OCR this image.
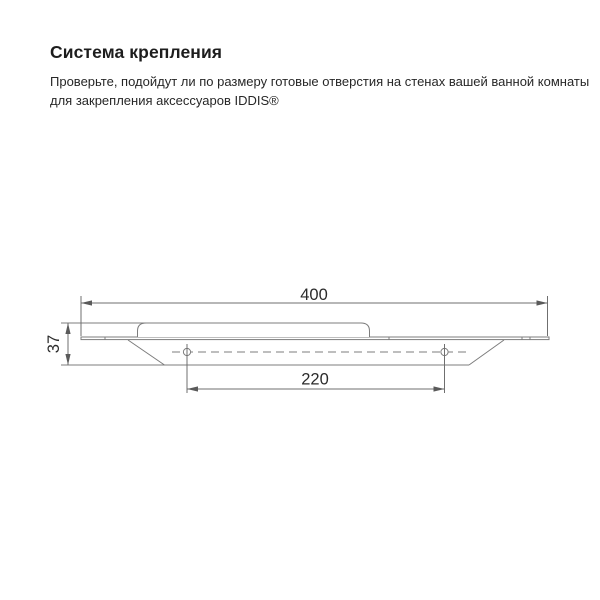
Система крепления
Проверьте, подойдут ли по размеру готовые отверстия на стенах вашей ванной комнаты
для закрепления аксессуаров IDDIS®
400
37
220
